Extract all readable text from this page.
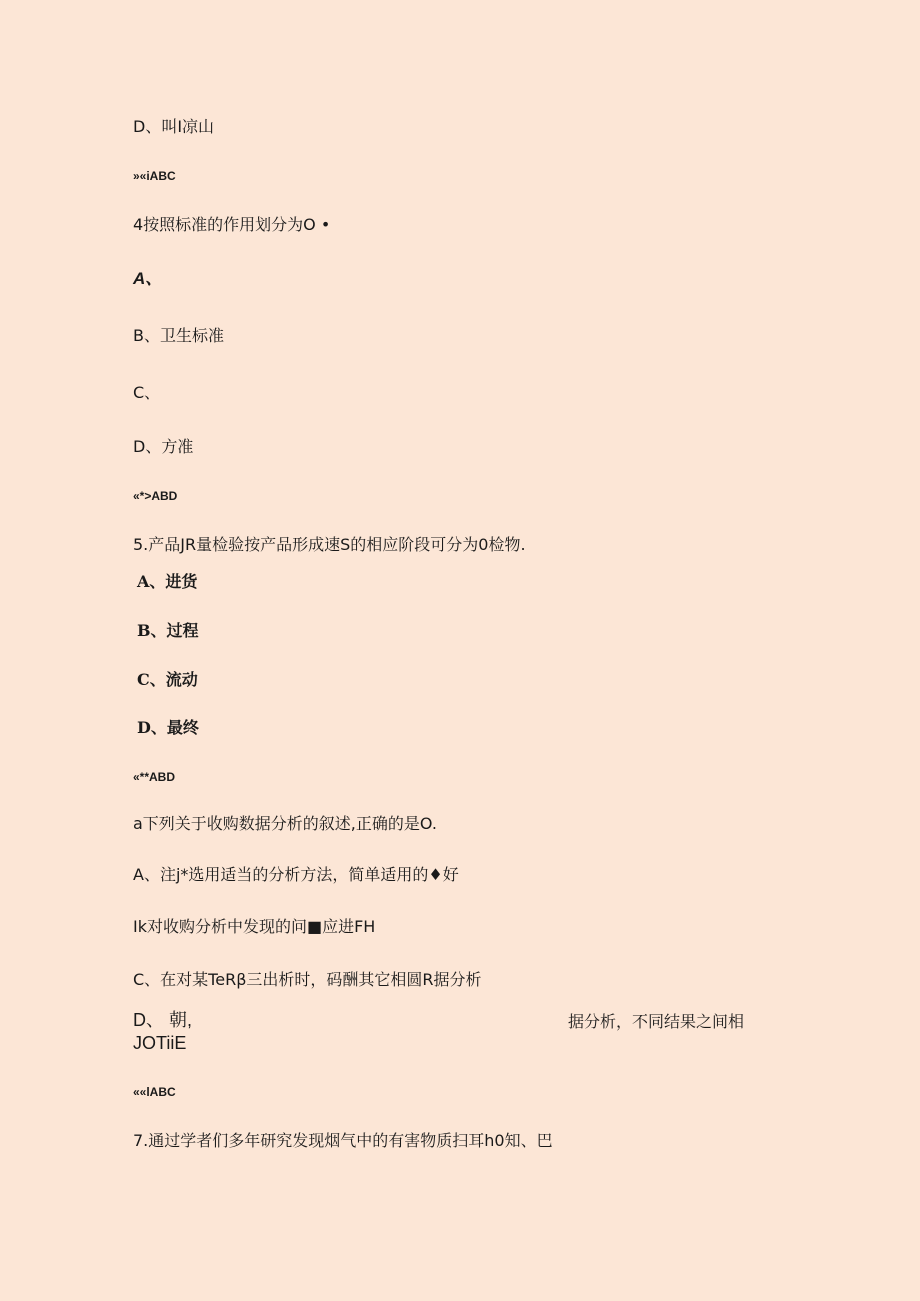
D、叫I凉山
»«iABC
4按照标准的作用划分为O •
A、
B、卫生标准
C、
D、方准
«*>ABD
5.产品JR量检验按产品形成速S的相应阶段可分为0检物.
A、进货
B、过程
C、流动
D、最终
«**ABD
a下列关于收购数据分析的叙述,正确的是O.
A、注j*选用适当的分析方法，简单适用的♦好
Ik对收购分析中发现的问■应进FH
C、在对某TeRβ三出析时，码酬其它相圆R据分析
D、 朝,	据分析，不同结果之间相
JOTiiE
««lABC
7.通过学者们多年研究发现烟气中的有害物质扫耳h0知、巴
